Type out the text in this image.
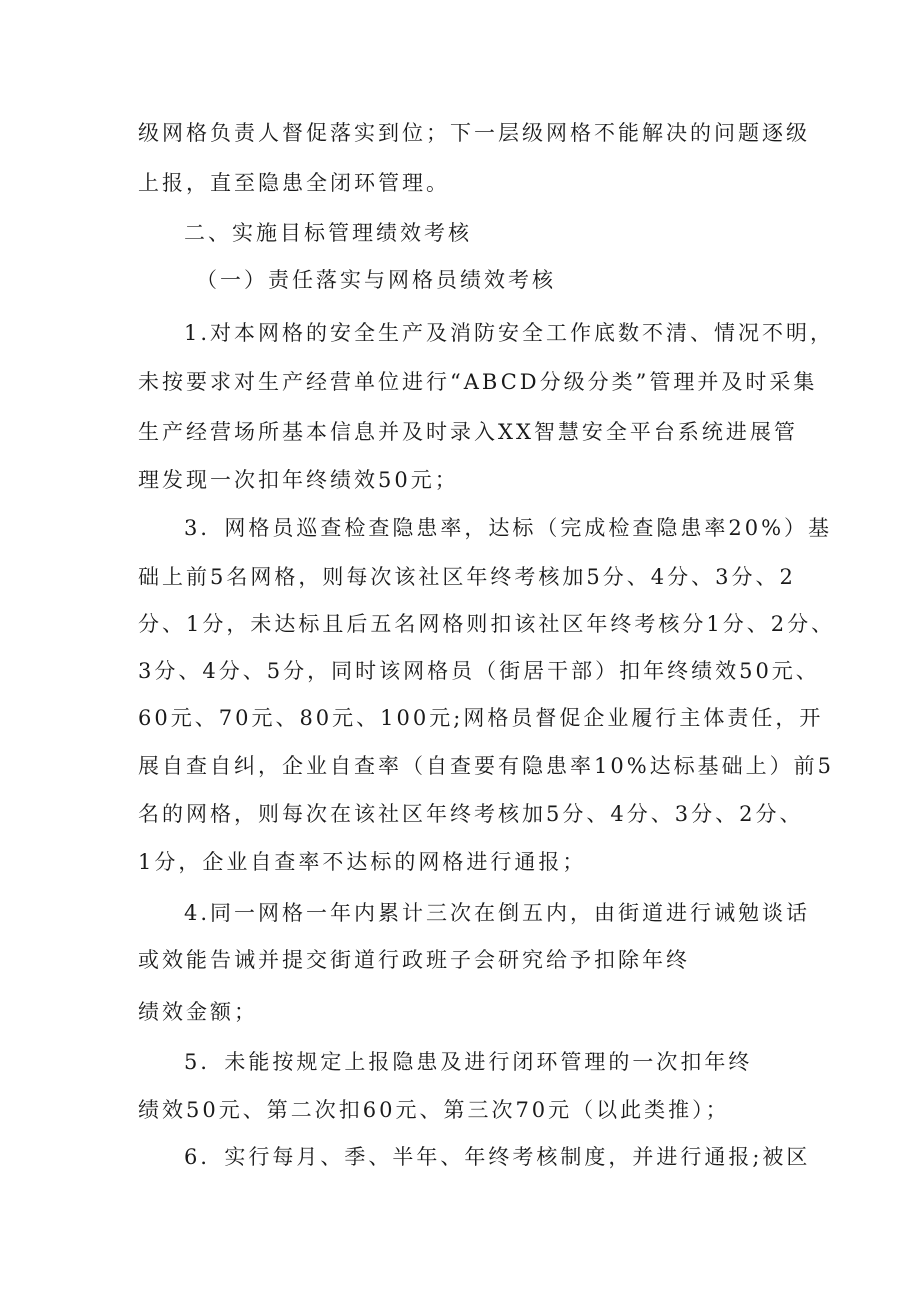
级网格负责人督促落实到位；下一层级网格不能解决的问题逐级
上报，直至隐患全闭环管理。
二、实施目标管理绩效考核
（一）责任落实与网格员绩效考核
1.对本网格的安全生产及消防安全工作底数不清、情况不明，
未按要求对生产经营单位进行“ABCD分级分类”管理并及时采集
生产经营场所基本信息并及时录入XX智慧安全平台系统进展管
理发现一次扣年终绩效50元；
3．网格员巡查检查隐患率，达标（完成检查隐患率20%）基
础上前5名网格，则每次该社区年终考核加5分、4分、3分、2
分、1分，未达标且后五名网格则扣该社区年终考核分1分、2分、
3分、4分、5分，同时该网格员（街居干部）扣年终绩效50元、
60元、70元、80元、100元;网格员督促企业履行主体责任，开
展自查自纠，企业自查率（自查要有隐患率10%达标基础上）前5
名的网格，则每次在该社区年终考核加5分、4分、3分、2分、
1分，企业自查率不达标的网格进行通报；
4.同一网格一年内累计三次在倒五内，由街道进行诫勉谈话
或效能告诫并提交街道行政班子会研究给予扣除年终
绩效金额；
5．未能按规定上报隐患及进行闭环管理的一次扣年终
绩效50元、第二次扣60元、第三次70元（以此类推）；
6．实行每月、季、半年、年终考核制度，并进行通报;被区
